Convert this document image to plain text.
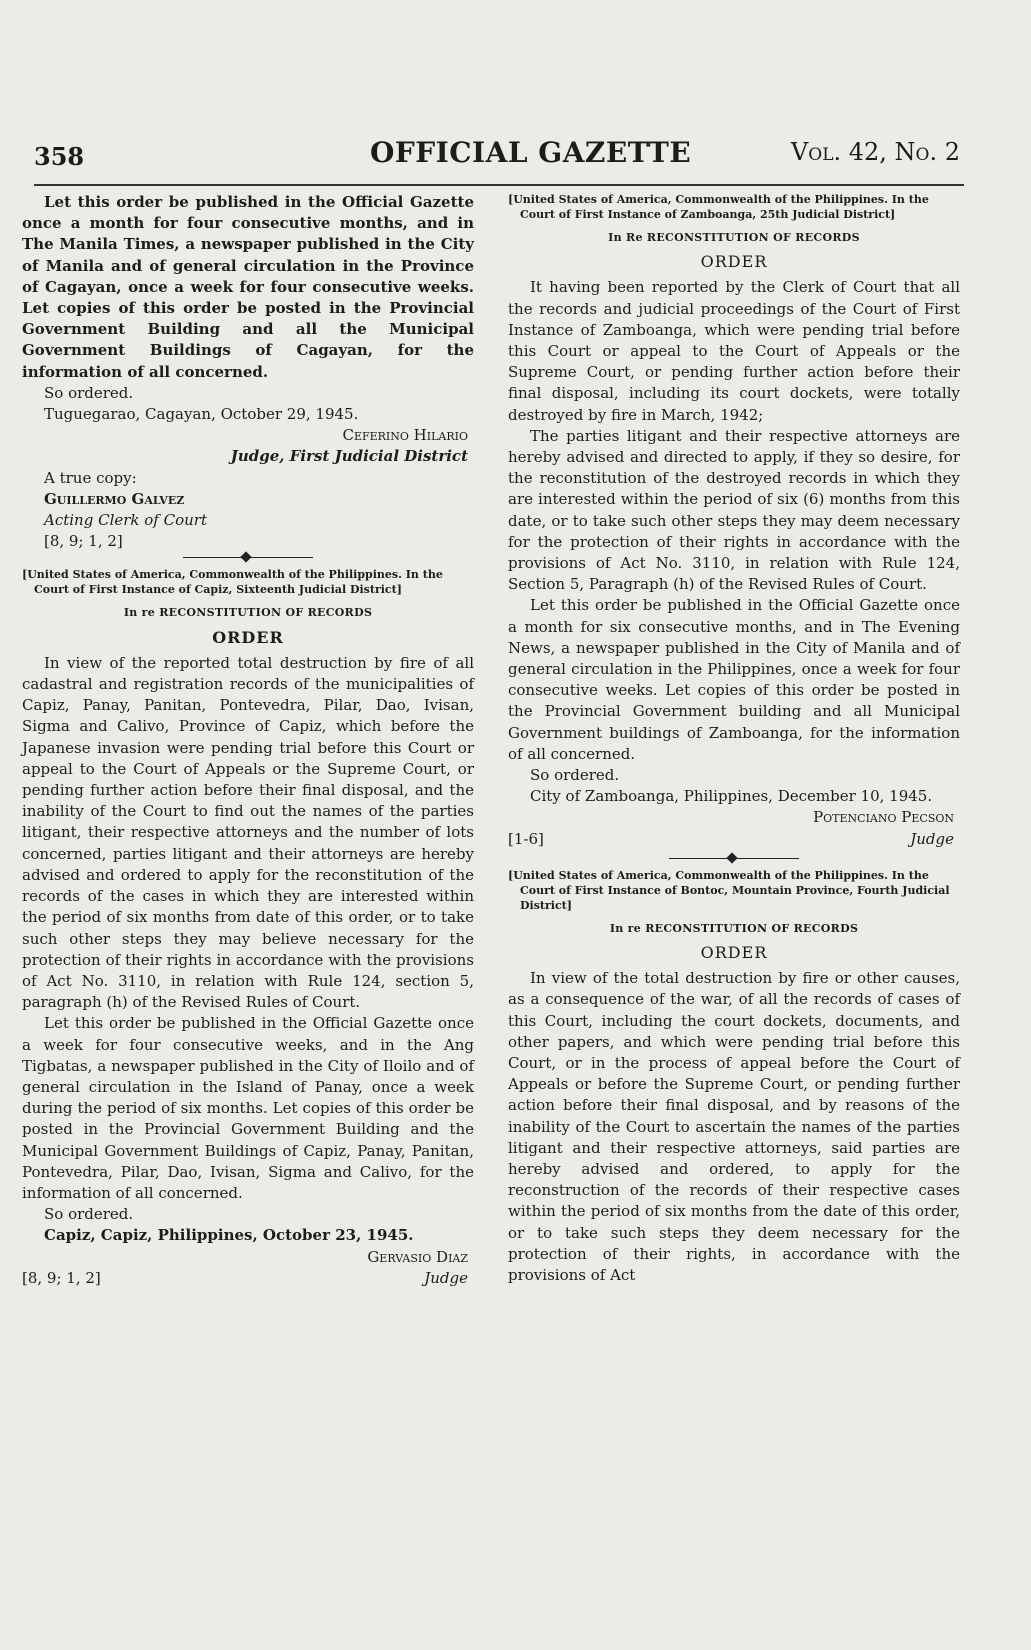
358	OFFICIAL GAZETTE	Vol. 42, No. 2

Let this order be published in the Official Gazette once a month for four consecutive months, and in The Manila Times, a newspaper published in the City of Manila and of general circulation in the Province of Cagayan, once a week for four consecutive weeks. Let copies of this order be posted in the Provincial Government Building and all the Municipal Government Buildings of Cagayan, for the information of all concerned.

So ordered.

Tuguegarao, Cagayan, October 29, 1945.

Ceferino Hilario
Judge, First Judicial District

A true copy:

Guillermo Galvez

Acting Clerk of Court

[8, 9; 1, 2]

[United States of America, Commonwealth of the Philippines. In the Court of First Instance of Capiz, Sixteenth Judicial District]
In re RECONSTITUTION OF RECORDS
ORDER

In view of the reported total destruction by fire of all cadastral and registration records of the municipalities of Capiz, Panay, Panitan, Pontevedra, Pilar, Dao, Ivisan, Sigma and Calivo, Province of Capiz, which before the Japanese invasion were pending trial before this Court or appeal to the Court of Appeals or the Supreme Court, or pending further action before their final disposal, and the inability of the Court to find out the names of the parties litigant, their respective attorneys and the number of lots concerned, parties litigant and their attorneys are hereby advised and ordered to apply for the reconstitution of the records of the cases in which they are interested within the period of six months from date of this order, or to take such other steps they may believe necessary for the protection of their rights in accordance with the provisions of Act No. 3110, in relation with Rule 124, section 5, paragraph (h) of the Revised Rules of Court.

Let this order be published in the Official Gazette once a week for four consecutive weeks, and in the Ang Tigbatas, a newspaper published in the City of Iloilo and of general circulation in the Island of Panay, once a week during the period of six months. Let copies of this order be posted in the Provincial Government Building and the Municipal Government Buildings of Capiz, Panay, Panitan, Pontevedra, Pilar, Dao, Ivisan, Sigma and Calivo, for the information of all concerned.

So ordered.

Capiz, Capiz, Philippines, October 23, 1945.

Gervasio Diaz
[8, 9; 1, 2]	Judge
[United States of America, Commonwealth of the Philippines. In the Court of First Instance of Zamboanga, 25th Judicial District]
In Re RECONSTITUTION OF RECORDS
ORDER

It having been reported by the Clerk of Court that all the records and judicial proceedings of the Court of First Instance of Zamboanga, which were pending trial before this Court or appeal to the Court of Appeals or the Supreme Court, or pending further action before their final disposal, including its court dockets, were totally destroyed by fire in March, 1942;

The parties litigant and their respective attorneys are hereby advised and directed to apply, if they so desire, for the reconstitution of the destroyed records in which they are interested within the period of six (6) months from this date, or to take such other steps they may deem necessary for the protection of their rights in accordance with the provisions of Act No. 3110, in relation with Rule 124, Section 5, Paragraph (h) of the Revised Rules of Court.

Let this order be published in the Official Gazette once a month for six consecutive months, and in The Evening News, a newspaper published in the City of Manila and of general circulation in the Philippines, once a week for four consecutive weeks. Let copies of this order be posted in the Provincial Government building and all Municipal Government buildings of Zamboanga, for the information of all concerned.

So ordered.

City of Zamboanga, Philippines, December 10, 1945.

Potenciano Pecson
[1-6]	Judge
[United States of America, Commonwealth of the Philippines. In the Court of First Instance of Bontoc, Mountain Province, Fourth Judicial District]
In re RECONSTITUTION OF RECORDS
ORDER

In view of the total destruction by fire or other causes, as a consequence of the war, of all the records of cases of this Court, including the court dockets, documents, and other papers, and which were pending trial before this Court, or in the process of appeal before the Court of Appeals or before the Supreme Court, or pending further action before their final disposal, and by reasons of the inability of the Court to ascertain the names of the parties litigant and their respective attorneys, said parties are hereby advised and ordered, to apply for the reconstruction of the records of their respective cases within the period of six months from the date of this order, or to take such steps they deem necessary for the protection of their rights, in accordance with the provisions of Act
